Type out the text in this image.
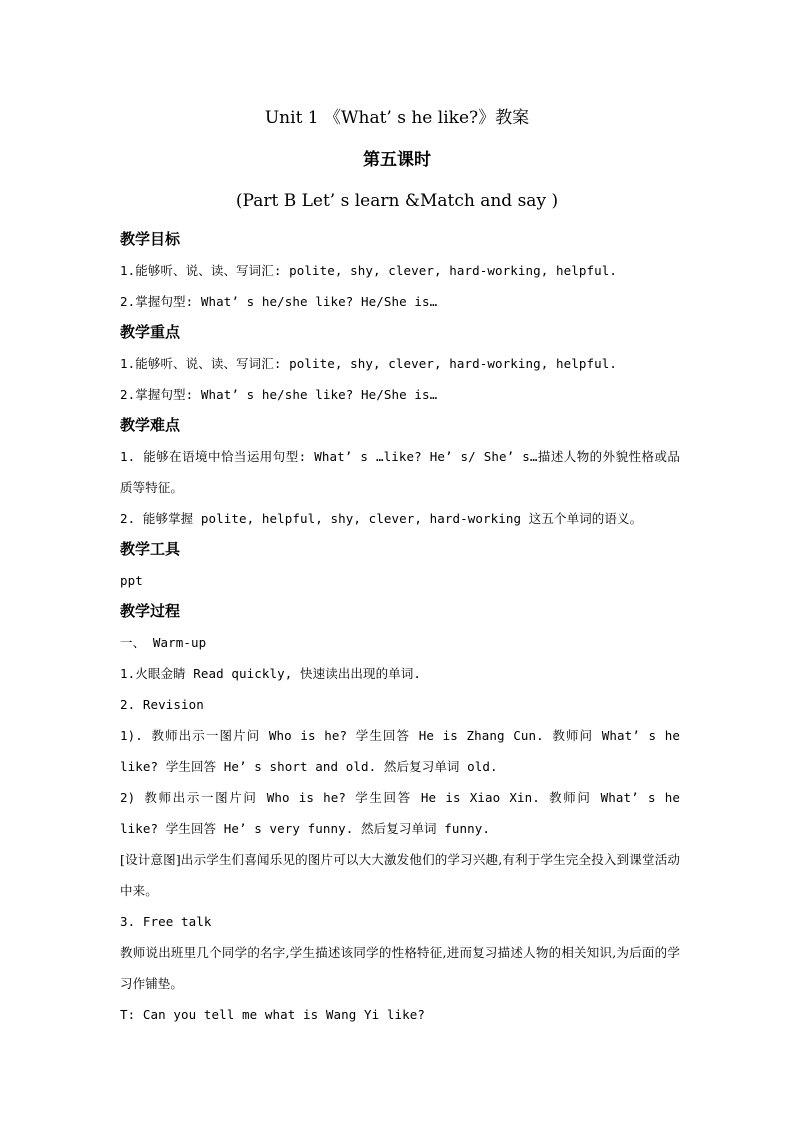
Unit 1 《What’ s he like?》教案
第五课时
(Part B Let’ s learn &Match and say )
教学目标
1.能够听、说、读、写词汇: polite, shy, clever, hard-working, helpful.
2.掌握句型: What’ s he/she like? He/She is…
教学重点
1.能够听、说、读、写词汇: polite, shy, clever, hard-working, helpful.
2.掌握句型: What’ s he/she like? He/She is…
教学难点
1. 能够在语境中恰当运用句型: What’ s …like? He’ s/ She’ s…描述人物的外貌性格或品质等特征。
2. 能够掌握 polite, helpful, shy, clever, hard-working 这五个单词的语义。
教学工具
ppt
教学过程
一、 Warm-up
1.火眼金睛 Read quickly, 快速读出出现的单词.
2. Revision
1). 教师出示一图片问 Who is he? 学生回答 He is Zhang Cun. 教师问 What’ s he like? 学生回答 He’ s short and old. 然后复习单词 old.
2) 教师出示一图片问 Who is he? 学生回答 He is Xiao Xin. 教师问 What’ s he like? 学生回答 He’ s very funny. 然后复习单词 funny.
[设计意图]出示学生们喜闻乐见的图片可以大大激发他们的学习兴趣,有利于学生完全投入到课堂活动中来。
3. Free talk
教师说出班里几个同学的名字,学生描述该同学的性格特征,进而复习描述人物的相关知识,为后面的学习作铺垫。
T: Can you tell me what is Wang Yi like?
